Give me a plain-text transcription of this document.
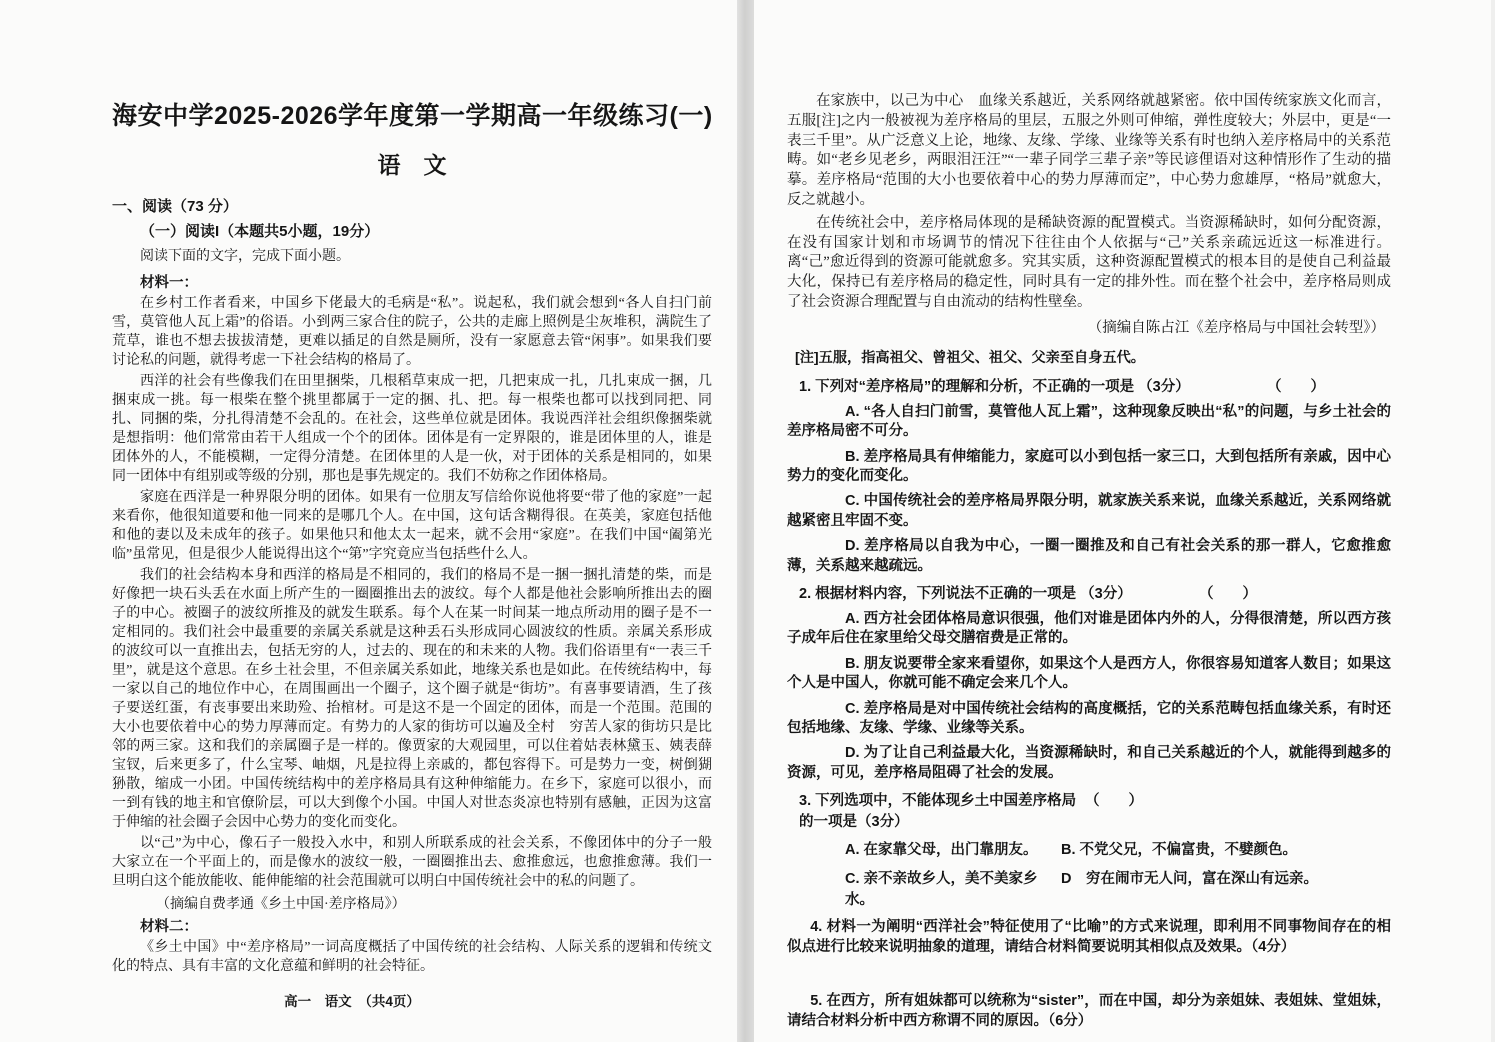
海安中学2025-2026学年度第一学期高一年级练习(一)
语　文
一、阅读（73 分）
（一）阅读I（本题共5小题，19分）
阅读下面的文字，完成下面小题。
材料一：

在乡村工作者看来，中国乡下佬最大的毛病是“私”。说起私，我们就会想到“各人自扫门前雪，莫管他人瓦上霜”的俗语。小到两三家合住的院子，公共的走廊上照例是尘灰堆积，满院生了荒草，谁也不想去拔拔清楚，更难以插足的自然是厕所，没有一家愿意去管“闲事”。如果我们要讨论私的问题，就得考虑一下社会结构的格局了。

西洋的社会有些像我们在田里捆柴，几根稻草束成一把，几把束成一扎，几扎束成一捆，几捆束成一挑。每一根柴在整个挑里都属于一定的捆、扎、把。每一根柴也都可以找到同把、同扎、同捆的柴，分扎得清楚不会乱的。在社会，这些单位就是团体。我说西洋社会组织像捆柴就是想指明：他们常常由若干人组成一个个的团体。团体是有一定界限的，谁是团体里的人，谁是团体外的人，不能模糊，一定得分清楚。在团体里的人是一伙，对于团体的关系是相同的，如果同一团体中有组别或等级的分别，那也是事先规定的。我们不妨称之作团体格局。

家庭在西洋是一种界限分明的团体。如果有一位朋友写信给你说他将要“带了他的家庭”一起来看你，他很知道要和他一同来的是哪几个人。在中国，这句话含糊得很。在英美，家庭包括他和他的妻以及未成年的孩子。如果他只和他太太一起来，就不会用“家庭”。在我们中国“阖第光临”虽常见，但是很少人能说得出这个“第”字究竟应当包括些什么人。

我们的社会结构本身和西洋的格局是不相同的，我们的格局不是一捆一捆扎清楚的柴，而是好像把一块石头丢在水面上所产生的一圈圈推出去的波纹。每个人都是他社会影响所推出去的圈子的中心。被圈子的波纹所推及的就发生联系。每个人在某一时间某一地点所动用的圈子是不一定相同的。我们社会中最重要的亲属关系就是这种丢石头形成同心圆波纹的性质。亲属关系形成的波纹可以一直推出去，包括无穷的人，过去的、现在的和未来的人物。我们俗语里有“一表三千里”，就是这个意思。在乡土社会里，不但亲属关系如此，地缘关系也是如此。在传统结构中，每一家以自己的地位作中心，在周围画出一个圈子，这个圈子就是“街坊”。有喜事要请酒，生了孩子要送红蛋，有丧事要出来助殓、抬棺材。可是这不是一个固定的团体，而是一个范围。范围的大小也要依着中心的势力厚薄而定。有势力的人家的街坊可以遍及全村　穷苦人家的街坊只是比邻的两三家。这和我们的亲属圈子是一样的。像贾家的大观园里，可以住着姑表林黛玉、姨表薛宝钗，后来更多了，什么宝琴、岫烟，凡是拉得上亲戚的，都包容得下。可是势力一变，树倒猢狲散，缩成一小团。中国传统结构中的差序格局具有这种伸缩能力。在乡下，家庭可以很小，而一到有钱的地主和官僚阶层，可以大到像个小国。中国人对世态炎凉也特别有感触，正因为这富于伸缩的社会圈子会因中心势力的变化而变化。

以“己”为中心，像石子一般投入水中，和别人所联系成的社会关系，不像团体中的分子一般大家立在一个平面上的，而是像水的波纹一般，一圈圈推出去、愈推愈远，也愈推愈薄。我们一旦明白这个能放能收、能伸能缩的社会范围就可以明白中国传统社会中的私的问题了。

（摘编自费孝通《乡土中国·差序格局》）
材料二：

《乡土中国》中“差序格局”一词高度概括了中国传统的社会结构、人际关系的逻辑和传统文化的特点、具有丰富的文化意蕴和鲜明的社会特征。

高一　语文　（共4页）

在家族中，以己为中心　血缘关系越近，关系网络就越紧密。依中国传统家族文化而言，五服[注]之内一般被视为差序格局的里层，五服之外则可伸缩，弹性度较大；外层中，更是“一表三千里”。从广泛意义上论，地缘、友缘、学缘、业缘等关系有时也纳入差序格局中的关系范畴。如“老乡见老乡，两眼泪汪汪”“一辈子同学三辈子亲”等民谚俚语对这种情形作了生动的描摹。差序格局“范围的大小也要依着中心的势力厚薄而定”，中心势力愈雄厚，“格局”就愈大，反之就越小。

在传统社会中，差序格局体现的是稀缺资源的配置模式。当资源稀缺时，如何分配资源，在没有国家计划和市场调节的情况下往往由个人依据与“己”关系亲疏远近这一标准进行。离“己”愈近得到的资源可能就愈多。究其实质，这种资源配置模式的根本目的是使自己利益最大化，保持已有差序格局的稳定性，同时具有一定的排外性。而在整个社会中，差序格局则成了社会资源合理配置与自由流动的结构性壁垒。

（摘编自陈占江《差序格局与中国社会转型》）
[注]五服，指高祖父、曾祖父、祖父、父亲至自身五代。
1. 下列对“差序格局”的理解和分析，不正确的一项是 （3分）	（　　）

A. “各人自扫门前雪，莫管他人瓦上霜”，这种现象反映出“私”的问题，与乡土社会的差序格局密不可分。

B. 差序格局具有伸缩能力，家庭可以小到包括一家三口，大到包括所有亲戚，因中心势力的变化而变化。

C. 中国传统社会的差序格局界限分明，就家族关系来说，血缘关系越近，关系网络就越紧密且牢固不变。

D. 差序格局以自我为中心，一圈一圈推及和自己有社会关系的那一群人，它愈推愈薄，关系越来越疏远。

2. 根据材料内容，下列说法不正确的一项是 （3分）	（　　）

A. 西方社会团体格局意识很强，他们对谁是团体内外的人，分得很清楚，所以西方孩子成年后住在家里给父母交膳宿费是正常的。

B. 朋友说要带全家来看望你，如果这个人是西方人，你很容易知道客人数目；如果这个人是中国人，你就可能不确定会来几个人。

C. 差序格局是对中国传统社会结构的高度概括，它的关系范畴包括血缘关系，有时还包括地缘、友缘、学缘、业缘等关系。

D. 为了让自己利益最大化，当资源稀缺时，和自己关系越近的个人，就能得到越多的资源，可见，差序格局阻碍了社会的发展。

3. 下列选项中，不能体现乡土中国差序格局的一项是（3分）
（　　）
A. 在家靠父母，出门靠朋友。	B. 不党父兄，不偏富贵，不嬖颜色。
C. 亲不亲故乡人，美不美家乡水。
D　穷在闹市无人问，富在深山有远亲。

4. 材料一为阐明“西洋社会”特征使用了“比喻”的方式来说理，即利用不同事物间存在的相似点进行比较来说明抽象的道理，请结合材料简要说明其相似点及效果。（4分）

5. 在西方，所有姐妹都可以统称为“sister”，而在中国，却分为亲姐妹、表姐妹、堂姐妹，请结合材料分析中西方称谓不同的原因。（6分）
